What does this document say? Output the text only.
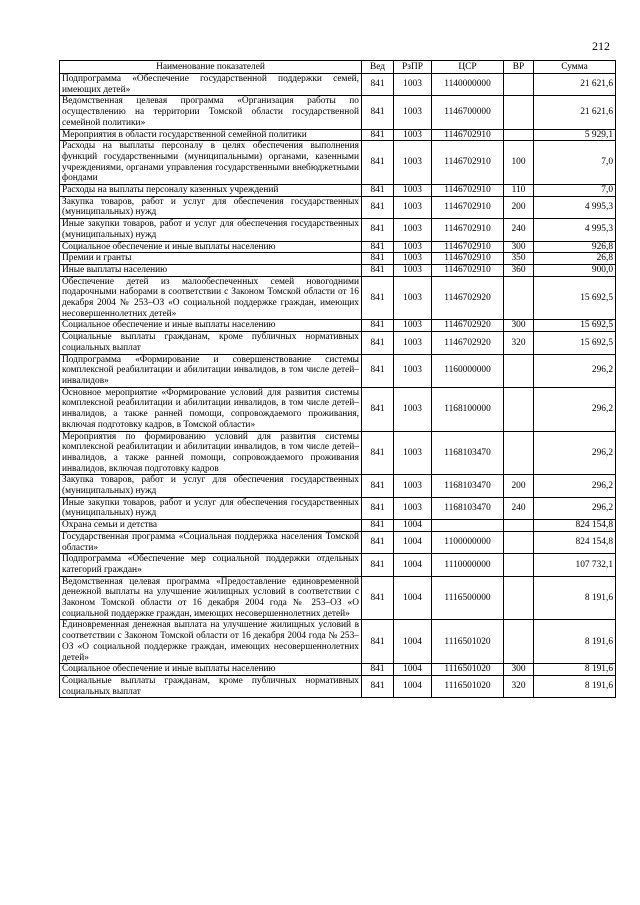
212
Наименование показателей	Вед	РзПР	ЦСР	ВР	Сумма
Подпрограмма «Обеспечение государственной поддержки семей, имеющих детей»	841	1003	1140000000		21 621,6
Ведомственная целевая программа «Организация работы по осуществлению на территории Томской области государственной семейной политики»	841	1003	1146700000		21 621,6
Мероприятия в области государственной семейной политики	841	1003	1146702910		5 929,1
Расходы на выплаты персоналу в целях обеспечения выполнения функций государственными (муниципальными) органами, казенными учреждениями, органами управления государственными внебюджетными фондами	841	1003	1146702910	100	7,0
Расходы на выплаты персоналу казенных учреждений	841	1003	1146702910	110	7,0
Закупка товаров, работ и услуг для обеспечения государственных (муниципальных) нужд	841	1003	1146702910	200	4 995,3
Иные закупки товаров, работ и услуг для обеспечения государственных (муниципальных) нужд	841	1003	1146702910	240	4 995,3
Социальное обеспечение и иные выплаты населению	841	1003	1146702910	300	926,8
Премии и гранты	841	1003	1146702910	350	26,8
Иные выплаты населению	841	1003	1146702910	360	900,0
Обеспечение детей из малообеспеченных семей новогодними подарочными наборами в соответствии с Законом Томской области от 16 декабря 2004 № 253–ОЗ «О социальной поддержке граждан, имеющих несовершеннолетних детей»	841	1003	1146702920		15 692,5
Социальное обеспечение и иные выплаты населению	841	1003	1146702920	300	15 692,5
Социальные выплаты гражданам, кроме публичных нормативных социальных выплат	841	1003	1146702920	320	15 692,5
Подпрограмма «Формирование и совершенствование системы комплексной реабилитации и абилитации инвалидов, в том числе детей–инвалидов»	841	1003	1160000000		296,2
Основное мероприятие «Формирование условий для развития системы комплексной реабилитации и абилитации инвалидов, в том числе детей–инвалидов, а также ранней помощи, сопровождаемого проживания, включая подготовку кадров, в Томской области»	841	1003	1168100000		296,2
Мероприятия по формированию условий для развития системы комплексной реабилитации и абилитации инвалидов, в том числе детей–инвалидов, а также ранней помощи, сопровождаемого проживания инвалидов, включая подготовку кадров	841	1003	1168103470		296,2
Закупка товаров, работ и услуг для обеспечения государственных (муниципальных) нужд	841	1003	1168103470	200	296,2
Иные закупки товаров, работ и услуг для обеспечения государственных (муниципальных) нужд	841	1003	1168103470	240	296,2
Охрана семьи и детства	841	1004			824 154,8
Государственная программа «Социальная поддержка населения Томской области»	841	1004	1100000000		824 154,8
Подпрограмма «Обеспечение мер социальной поддержки отдельных категорий граждан»	841	1004	1110000000		107 732,1
Ведомственная целевая программа «Предоставление единовременной денежной выплаты на улучшение жилищных условий в соответствии с Законом Томской области от 16 декабря 2004 года № 253–ОЗ «О социальной поддержке граждан, имеющих несовершеннолетних детей»	841	1004	1116500000		8 191,6
Единовременная денежная выплата на улучшение жилищных условий в соответствии с Законом Томской области от 16 декабря 2004 года № 253–ОЗ «О социальной поддержке граждан, имеющих несовершеннолетних детей»	841	1004	1116501020		8 191,6
Социальное обеспечение и иные выплаты населению	841	1004	1116501020	300	8 191,6
Социальные выплаты гражданам, кроме публичных нормативных социальных выплат	841	1004	1116501020	320	8 191,6
